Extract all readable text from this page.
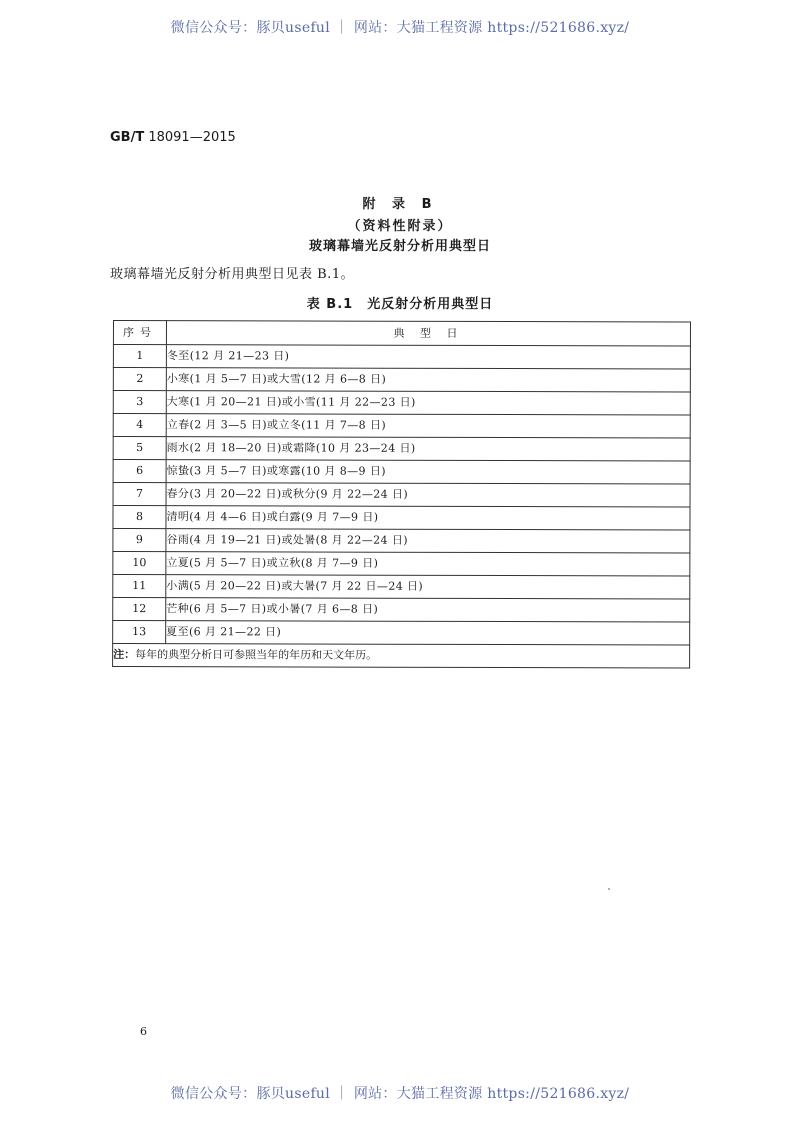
微信公众号：豚贝useful ｜ 网站：大猫工程资源 https://521686.xyz/
GB/T 18091—2015
附 录 B
（资料性附录）
玻璃幕墙光反射分析用典型日
玻璃幕墙光反射分析用典型日见表 B.1。
表 B.1　光反射分析用典型日
序号	典 型 日
1	冬至(12 月 21—23 日)
2	小寒(1 月 5—7 日)或大雪(12 月 6—8 日)
3	大寒(1 月 20—21 日)或小雪(11 月 22—23 日)
4	立春(2 月 3—5 日)或立冬(11 月 7—8 日)
5	雨水(2 月 18—20 日)或霜降(10 月 23—24 日)
6	惊蛰(3 月 5—7 日)或寒露(10 月 8—9 日)
7	春分(3 月 20—22 日)或秋分(9 月 22—24 日)
8	清明(4 月 4—6 日)或白露(9 月 7—9 日)
9	谷雨(4 月 19—21 日)或处暑(8 月 22—24 日)
10	立夏(5 月 5—7 日)或立秋(8 月 7—9 日)
11	小满(5 月 20—22 日)或大暑(7 月 22 日—24 日)
12	芒种(6 月 5—7 日)或小暑(7 月 6—8 日)
13	夏至(6 月 21—22 日)
注：每年的典型分析日可参照当年的年历和天文年历。	
6
微信公众号：豚贝useful ｜ 网站：大猫工程资源 https://521686.xyz/
